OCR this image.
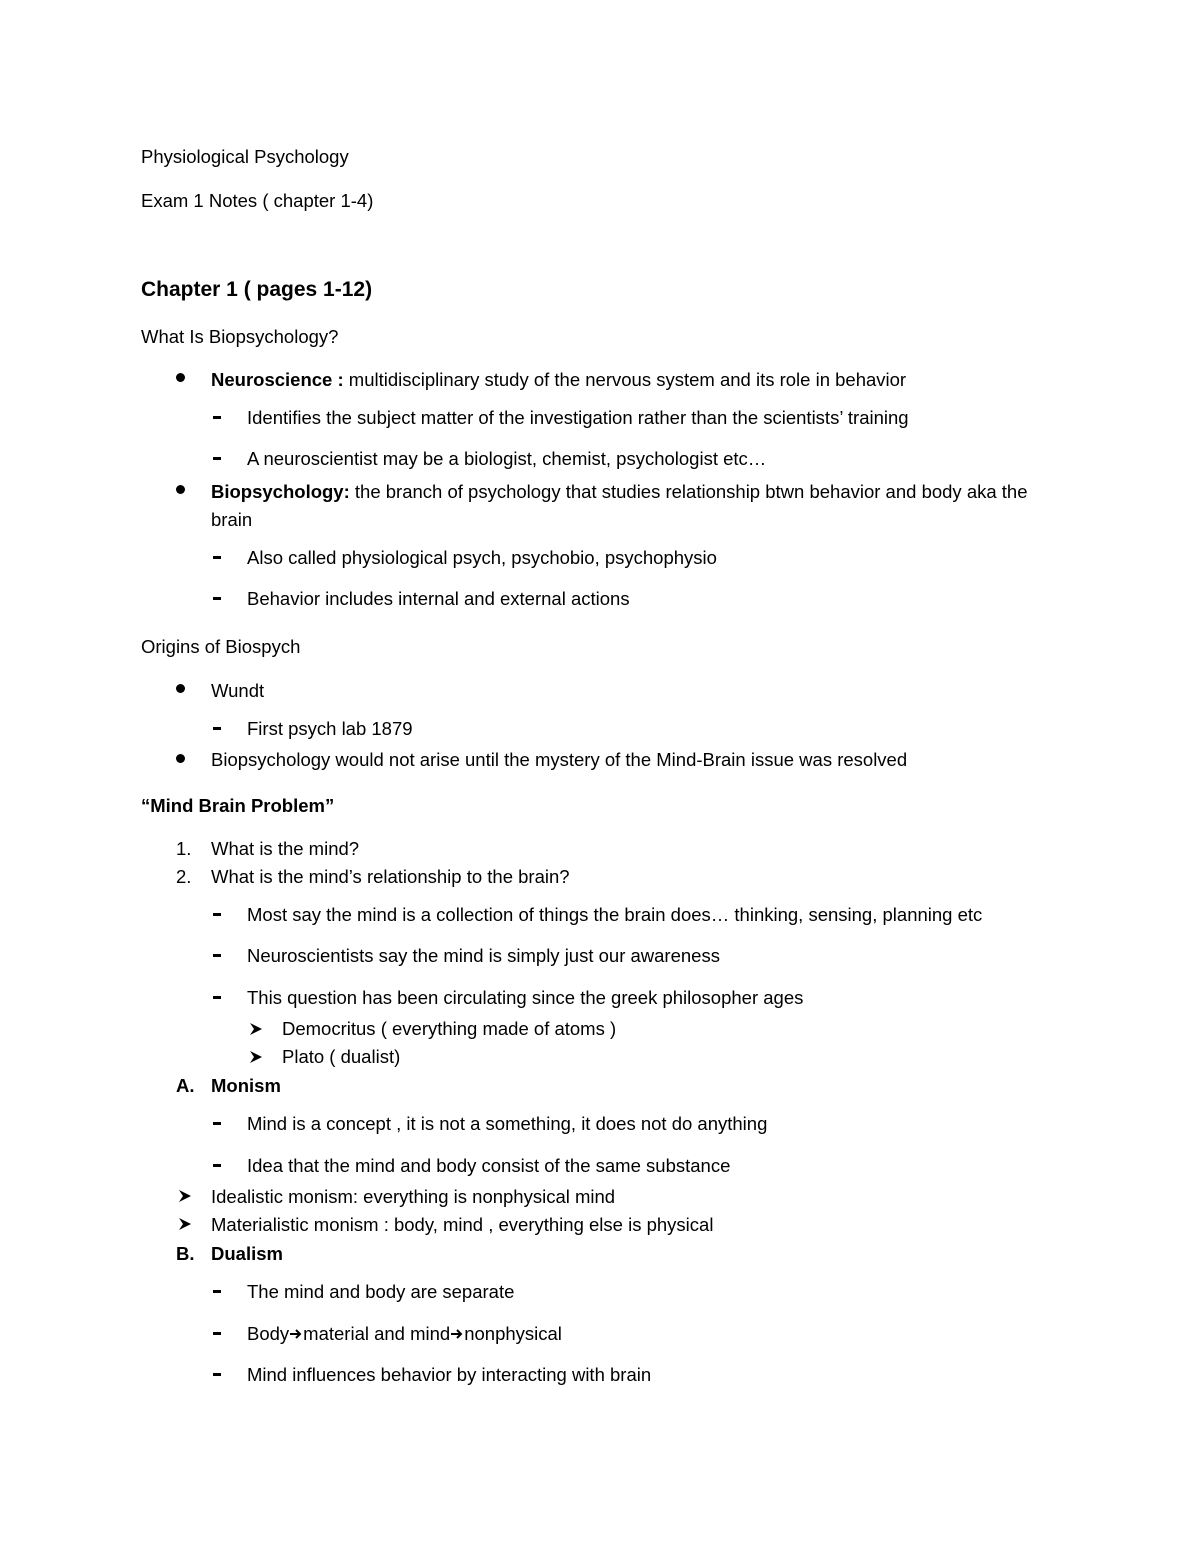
Physiological Psychology
Exam 1 Notes ( chapter 1-4)
Chapter 1 ( pages 1-12)
What Is Biopsychology?
Neuroscience : multidisciplinary study of the nervous system and its role in behavior
Identifies the subject matter of the investigation rather than the scientists’ training
A neuroscientist may be a biologist, chemist, psychologist etc…
Biopsychology: the branch of psychology that studies relationship btwn behavior and body aka the brain
Also called physiological psych, psychobio, psychophysio
Behavior includes internal and external actions
Origins of Biospych
Wundt
First psych lab 1879
Biopsychology would not arise until the mystery of the Mind-Brain issue was resolved
“Mind Brain Problem”
1. What is the mind?
2. What is the mind’s relationship to the brain?
Most say the mind is a collection of things the brain does… thinking, sensing, planning etc
Neuroscientists say the mind is simply just our awareness
This question has been circulating since the greek philosopher ages
Democritus ( everything made of atoms )
Plato ( dualist)
A. Monism
Mind is a concept , it is not a something, it does not do anything
Idea that the mind and body consist of the same substance
Idealistic monism: everything is nonphysical mind
Materialistic monism : body, mind , everything else is physical
B. Dualism
The mind and body are separate
Body material and mind nonphysical
Mind influences behavior by interacting with brain
